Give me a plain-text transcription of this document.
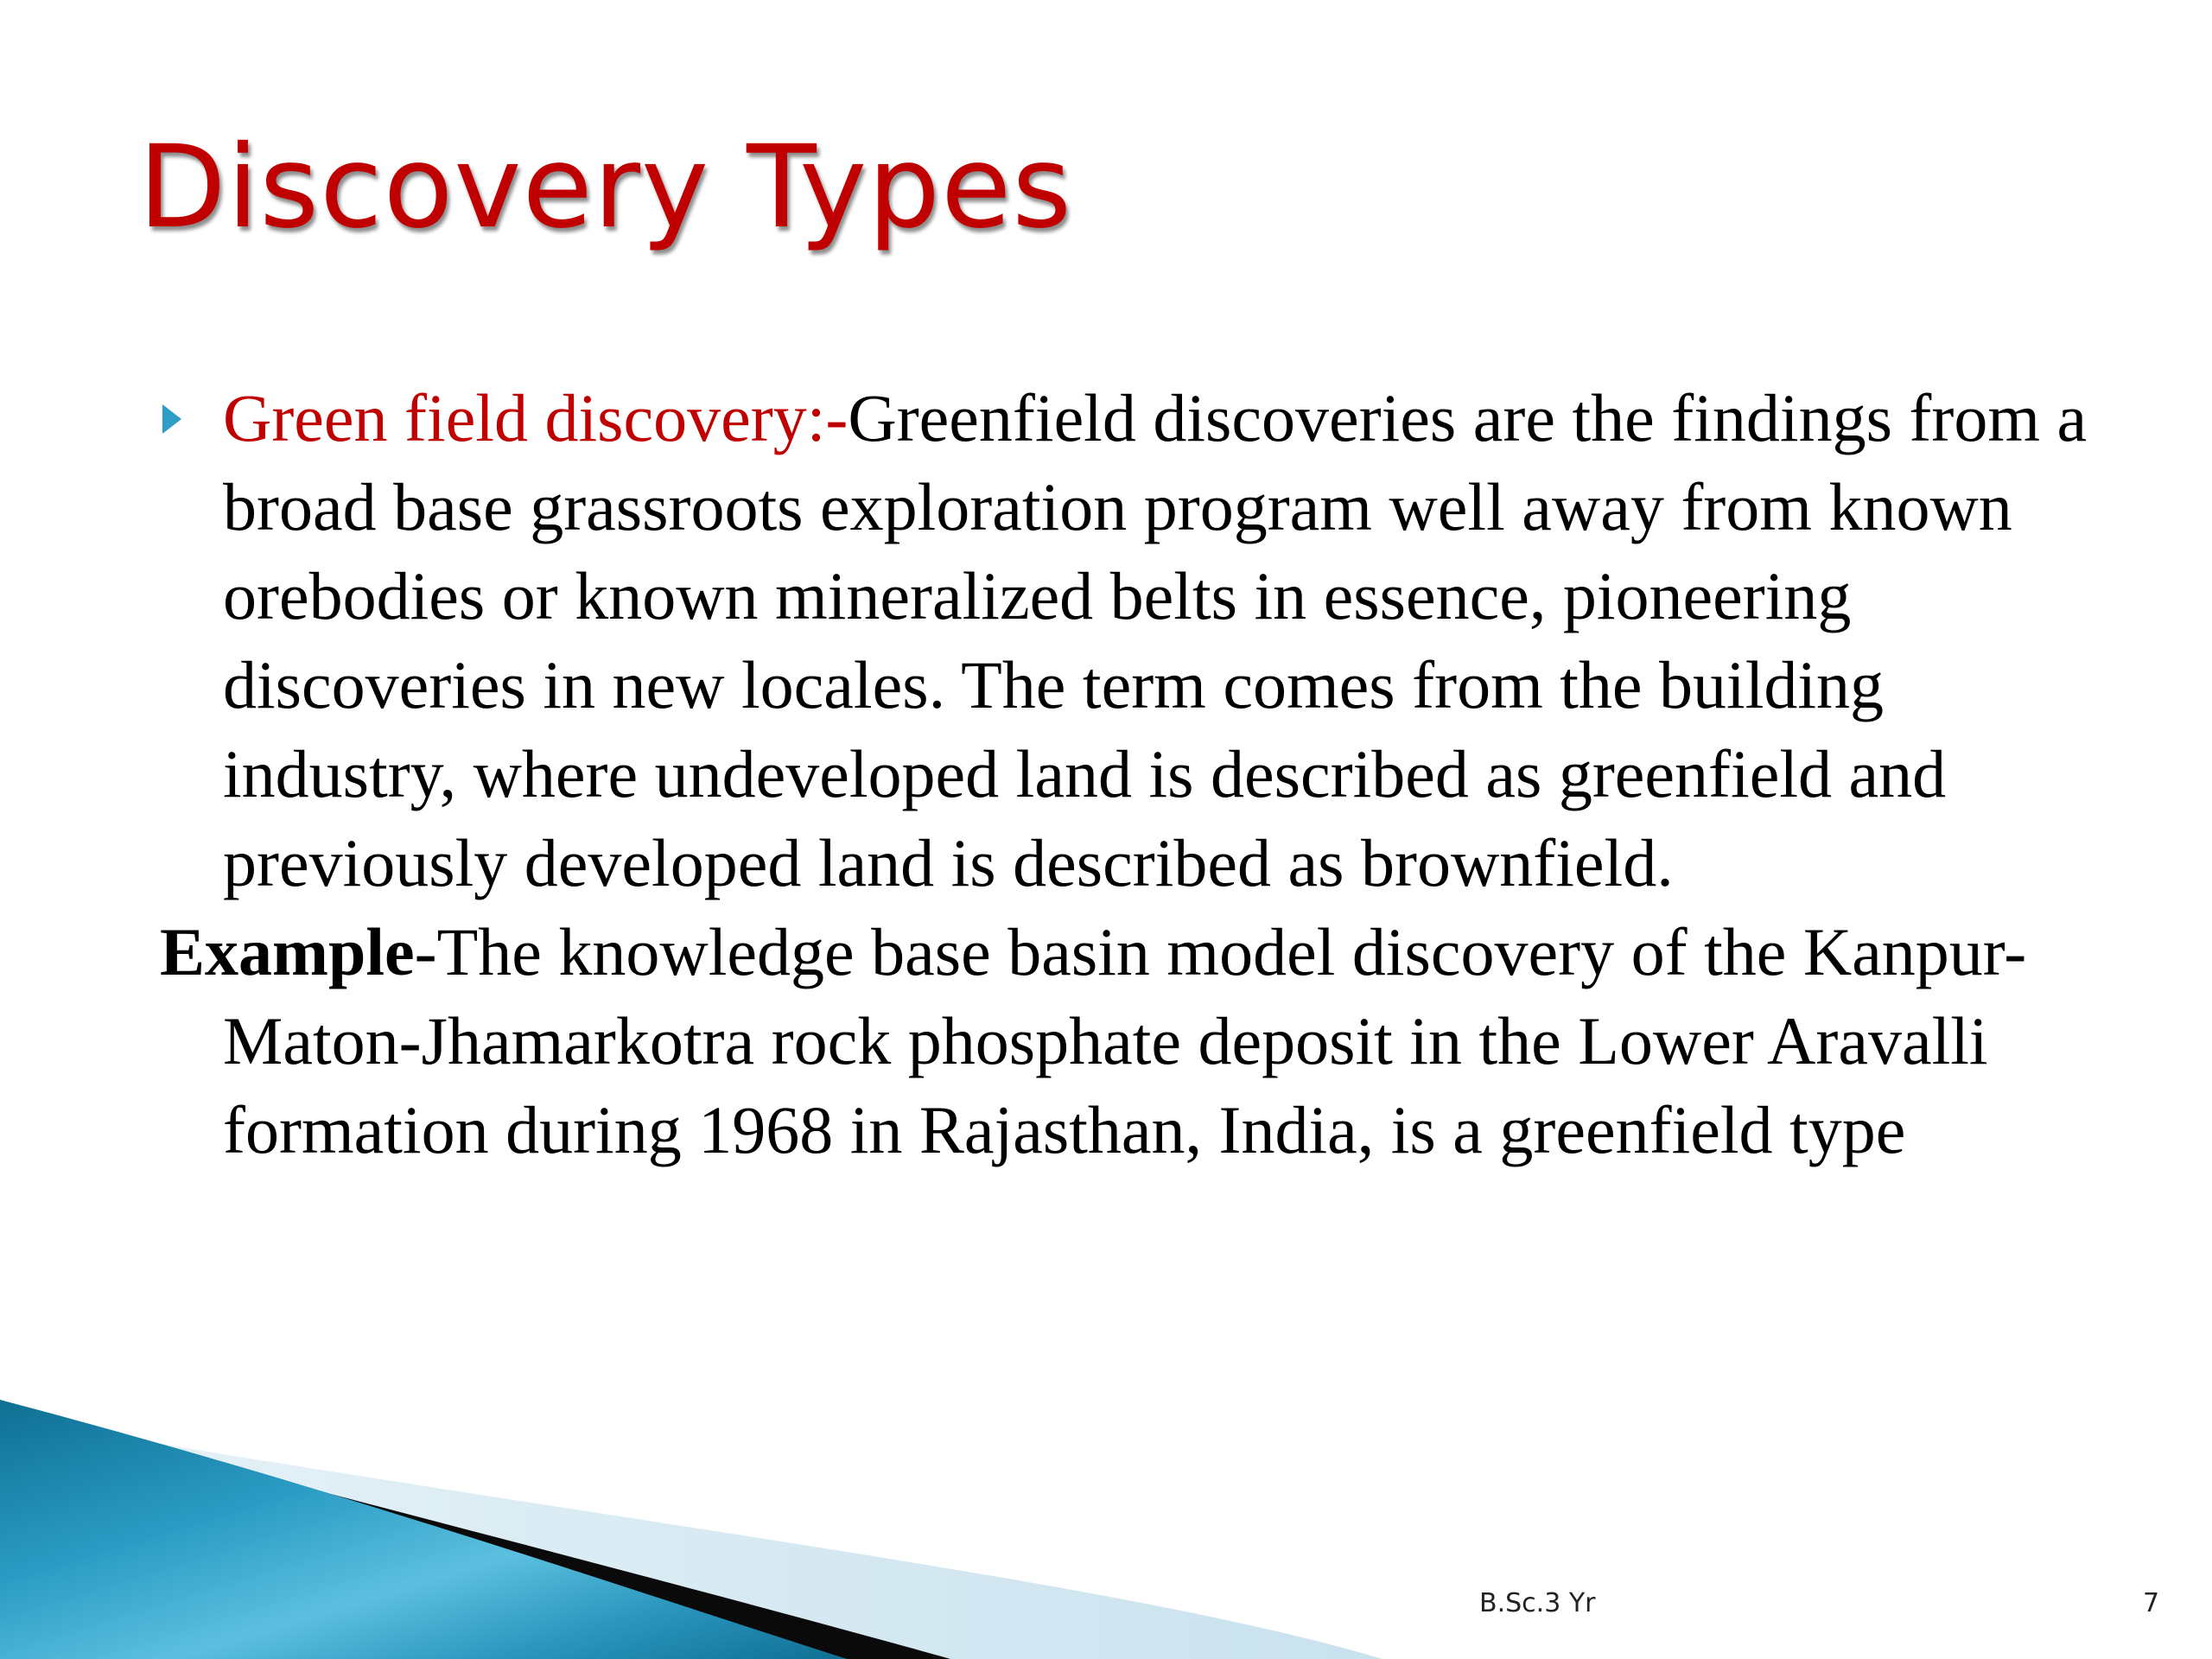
Discovery Types

Green field discovery:-Greenfield discoveries are the findings from a broad base grassroots exploration program well away from known orebodies or known mineralized belts in essence, pioneering discoveries in new locales. The term comes from the building industry, where undeveloped land is described as greenfield and previously developed land is described as brownfield.

Example-The knowledge base basin model discovery of the Kanpur-Maton-Jhamarkotra rock phosphate deposit in the Lower Aravalli formation during 1968 in Rajasthan, India, is a greenfield type

B.Sc.3 Yr	7
